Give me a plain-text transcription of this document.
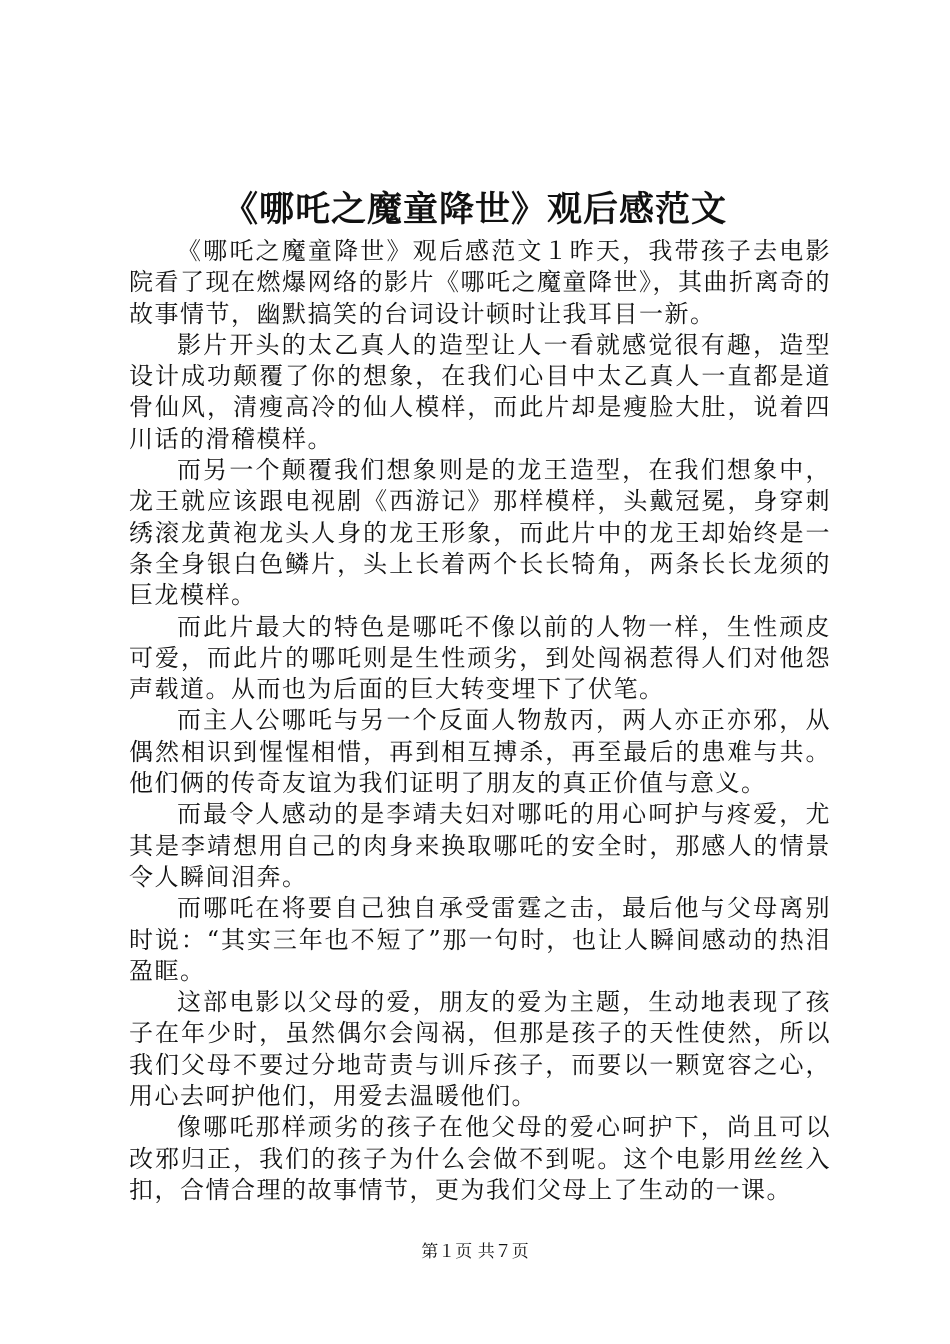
《哪吒之魔童降世》观后感范文

《哪吒之魔童降世》观后感范文１昨天，我带孩子去电影院看了现在燃爆网络的影片《哪吒之魔童降世》，其曲折离奇的故事情节，幽默搞笑的台词设计顿时让我耳目一新。

影片开头的太乙真人的造型让人一看就感觉很有趣，造型设计成功颠覆了你的想象，在我们心目中太乙真人一直都是道骨仙风，清瘦高冷的仙人模样，而此片却是瘦脸大肚，说着四川话的滑稽模样。

而另一个颠覆我们想象则是的龙王造型，在我们想象中，龙王就应该跟电视剧《西游记》那样模样，头戴冠冕，身穿刺绣滚龙黄袍龙头人身的龙王形象，而此片中的龙王却始终是一条全身银白色鳞片，头上长着两个长长犄角，两条长长龙须的巨龙模样。

而此片最大的特色是哪吒不像以前的人物一样，生性顽皮可爱，而此片的哪吒则是生性顽劣，到处闯祸惹得人们对他怨声载道。从而也为后面的巨大转变埋下了伏笔。

而主人公哪吒与另一个反面人物敖丙，两人亦正亦邪，从偶然相识到惺惺相惜，再到相互搏杀，再至最后的患难与共。他们俩的传奇友谊为我们证明了朋友的真正价值与意义。

而最令人感动的是李靖夫妇对哪吒的用心呵护与疼爱，尤其是李靖想用自己的肉身来换取哪吒的安全时，那感人的情景令人瞬间泪奔。

而哪吒在将要自己独自承受雷霆之击，最后他与父母离别时说：“其实三年也不短了”那一句时，也让人瞬间感动的热泪盈眶。

这部电影以父母的爱，朋友的爱为主题，生动地表现了孩子在年少时，虽然偶尔会闯祸，但那是孩子的天性使然，所以我们父母不要过分地苛责与训斥孩子，而要以一颗宽容之心，用心去呵护他们，用爱去温暖他们。

像哪吒那样顽劣的孩子在他父母的爱心呵护下，尚且可以改邪归正，我们的孩子为什么会做不到呢。这个电影用丝丝入扣，合情合理的故事情节，更为我们父母上了生动的一课。

第１页 共７页
